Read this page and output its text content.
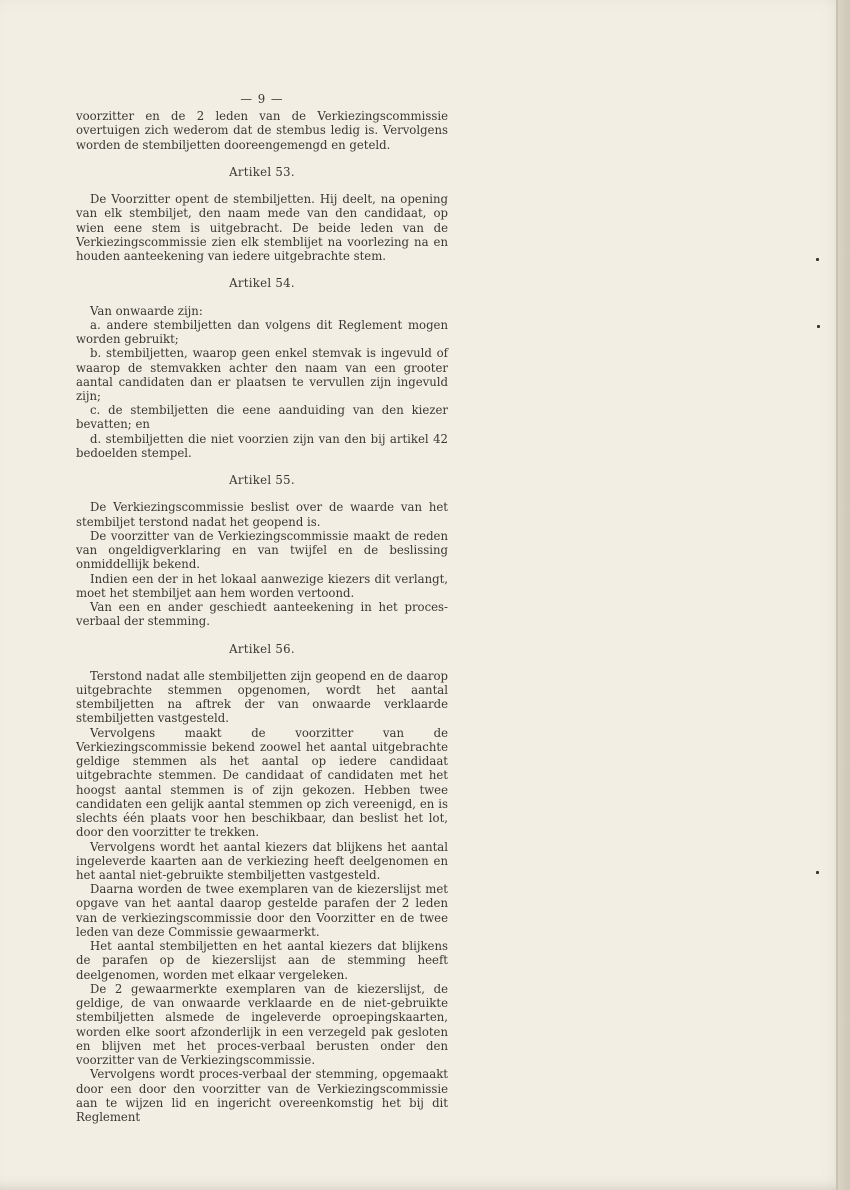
— 9 —

voorzitter en de 2 leden van de Verkiezingscommissie overtuigen zich wederom dat de stembus ledig is. Vervolgens worden de stembiljetten dooreengemengd en geteld.

Artikel 53.

De Voorzitter opent de stembiljetten. Hij deelt, na opening van elk stembiljet, den naam mede van den candidaat, op wien eene stem is uitgebracht. De beide leden van de Verkiezingscommissie zien elk stemblijet na voorlezing na en houden aanteekening van iedere uitgebrachte stem.

Artikel 54.

Van onwaarde zijn:

a. andere stembiljetten dan volgens dit Reglement mogen worden gebruikt;

b. stembiljetten, waarop geen enkel stemvak is ingevuld of waarop de stemvakken achter den naam van een grooter aantal candidaten dan er plaatsen te vervullen zijn ingevuld zijn;

c. de stembiljetten die eene aanduiding van den kiezer bevatten; en

d. stembiljetten die niet voorzien zijn van den bij artikel 42 bedoelden stempel.

Artikel 55.

De Verkiezingscommissie beslist over de waarde van het stembiljet terstond nadat het geopend is.

De voorzitter van de Verkiezingscommissie maakt de reden van ongeldigverklaring en van twijfel en de beslissing onmiddellijk bekend.

Indien een der in het lokaal aanwezige kiezers dit verlangt, moet het stembiljet aan hem worden vertoond.

Van een en ander geschiedt aanteekening in het proces-verbaal der stemming.

Artikel 56.

Terstond nadat alle stembiljetten zijn geopend en de daarop uitgebrachte stemmen opgenomen, wordt het aantal stembiljetten na aftrek der van onwaarde verklaarde stembiljetten vastgesteld.

Vervolgens maakt de voorzitter van de Verkiezingscommissie bekend zoowel het aantal uitgebrachte geldige stemmen als het aantal op iedere candidaat uitgebrachte stemmen. De candidaat of candidaten met het hoogst aantal stemmen is of zijn gekozen. Hebben twee candidaten een gelijk aantal stemmen op zich vereenigd, en is slechts één plaats voor hen beschikbaar, dan beslist het lot, door den voorzitter te trekken.

Vervolgens wordt het aantal kiezers dat blijkens het aantal ingeleverde kaarten aan de verkiezing heeft deelgenomen en het aantal niet-gebruikte stembiljetten vastgesteld.

Daarna worden de twee exemplaren van de kiezerslijst met opgave van het aantal daarop gestelde parafen der 2 leden van de verkiezingscommissie door den Voorzitter en de twee leden van deze Commissie gewaarmerkt.

Het aantal stembiljetten en het aantal kiezers dat blijkens de parafen op de kiezerslijst aan de stemming heeft deelgenomen, worden met elkaar vergeleken.

De 2 gewaarmerkte exemplaren van de kiezerslijst, de geldige, de van onwaarde verklaarde en de niet-gebruikte stembiljetten alsmede de ingeleverde oproepingskaarten, worden elke soort afzonderlijk in een verzegeld pak gesloten en blijven met het proces-verbaal berusten onder den voorzitter van de Verkiezingscommissie.

Vervolgens wordt proces-verbaal der stemming, opgemaakt door een door den voorzitter van de Verkiezingscommissie aan te wijzen lid en ingericht overeenkomstig het bij dit Reglement
